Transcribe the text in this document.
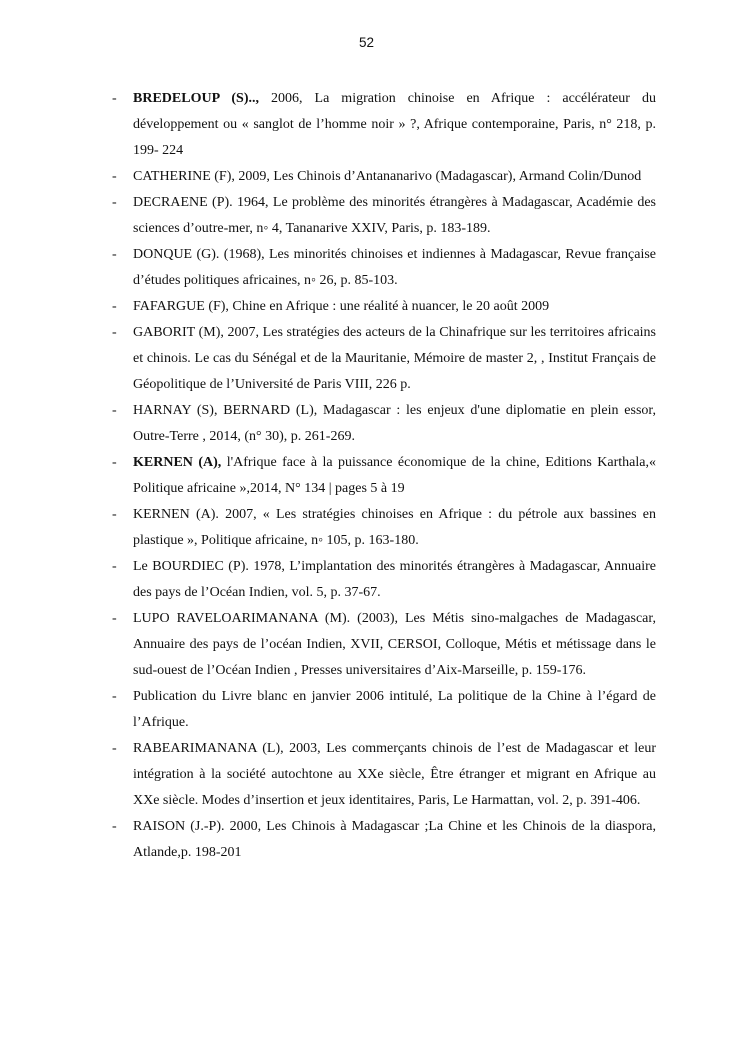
52
- BREDELOUP (S).., 2006, La migration chinoise en Afrique : accélérateur du développement ou « sanglot de l’homme noir » ?, Afrique contemporaine, Paris, n° 218, p. 199- 224
- CATHERINE (F), 2009, Les Chinois d’Antananarivo (Madagascar), Armand Colin/Dunod
- DECRAENE (P). 1964, Le problème des minorités étrangères à Madagascar, Académie des sciences d’outre-mer, n◦ 4, Tananarive XXIV, Paris, p. 183-189.
- DONQUE (G). (1968), Les minorités chinoises et indiennes à Madagascar, Revue française d’études politiques africaines, n◦ 26, p. 85-103.
- FAFARGUE (F), Chine en Afrique : une réalité à nuancer, le 20 août 2009
- GABORIT (M), 2007, Les stratégies des acteurs de la Chinafrique sur les territoires africains et chinois. Le cas du Sénégal et de la Mauritanie, Mémoire de master 2, , Institut Français de Géopolitique de l’Université de Paris VIII, 226 p.
- HARNAY (S), BERNARD (L), Madagascar : les enjeux d'une diplomatie en plein essor, Outre-Terre , 2014, (n° 30), p. 261-269.
- KERNEN (A), l'Afrique face à la puissance économique de la chine, Editions Karthala,« Politique africaine »,2014, N° 134 | pages 5 à 19
- KERNEN (A). 2007, « Les stratégies chinoises en Afrique : du pétrole aux bassines en plastique », Politique africaine, n◦ 105, p. 163-180.
- Le BOURDIEC (P). 1978, L’implantation des minorités étrangères à Madagascar, Annuaire des pays de l’Océan Indien, vol. 5, p. 37-67.
- LUPO RAVELOARIMANANA (M). (2003), Les Métis sino-malgaches de Madagascar, Annuaire des pays de l’océan Indien, XVII, CERSOI, Colloque, Métis et métissage dans le sud-ouest de l’Océan Indien , Presses universitaires d’Aix-Marseille, p. 159-176.
- Publication du Livre blanc en janvier 2006 intitulé, La politique de la Chine à l’égard de l’Afrique.
- RABEARIMANANA (L), 2003, Les commerçants chinois de l’est de Madagascar et leur intégration à la société autochtone au XXe siècle, Être étranger et migrant en Afrique au XXe siècle. Modes d’insertion et jeux identitaires, Paris, Le Harmattan, vol. 2, p. 391-406.
- RAISON (J.-P). 2000, Les Chinois à Madagascar ;La Chine et les Chinois de la diaspora, Atlande,p. 198-201
